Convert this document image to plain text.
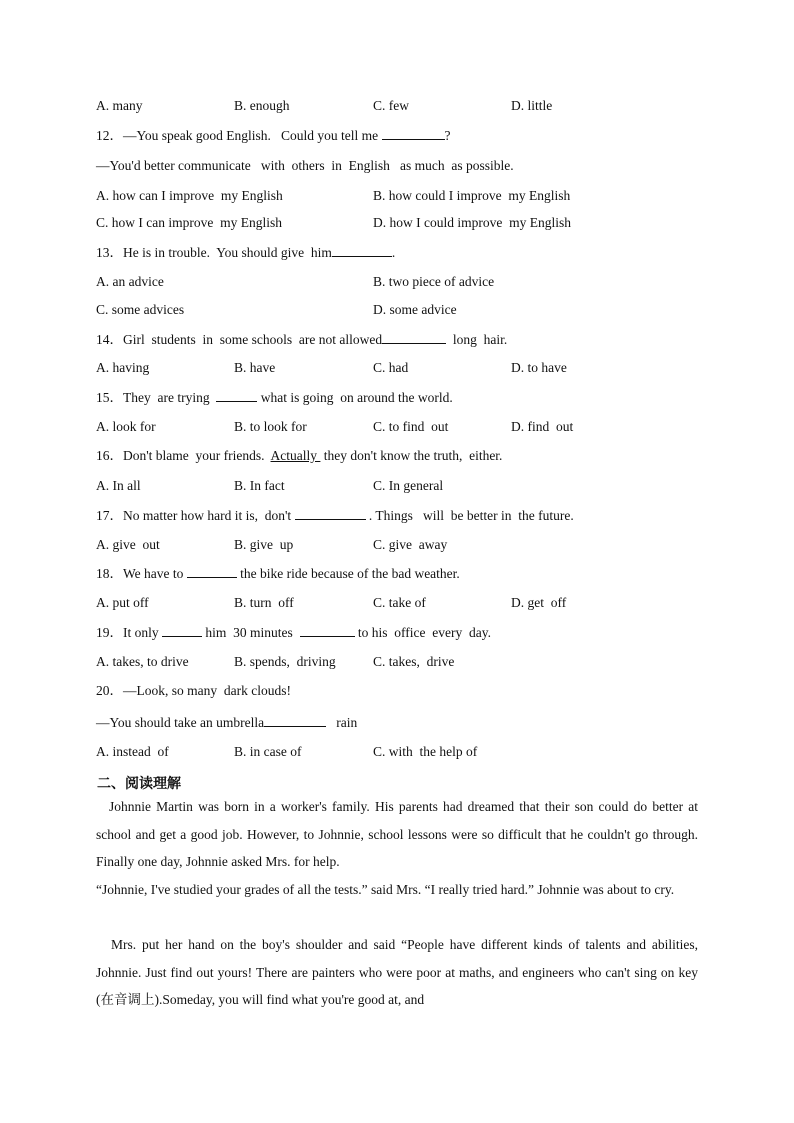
A. many	B. enough	C. few	D. little
12．—You speak good English.   Could you tell me	?
—You'd better communicate   with  others  in  English   as much  as possible.
A. how can I improve  my English	B. how could I improve  my English
C. how I can improve  my English	D. how I could improve  my English
13．He is in trouble.  You should give  him	.
A. an advice	B. two piece of advice
C. some advices	D. some advice
14．Girl  students  in  some schools  are not allowed	long  hair.
A. having	B. have	C. had	D. to have
15．They  are trying	what is going  on around the world.
A. look for	B. to look for	C. to find  out	D. find  out
16．Don't blame  your friends.  Actually  they don't know the truth,  either.
A. In all	B. In fact	C. In general
17．No matter how hard it is,  don't	. Things   will  be better in  the future.
A. give  out	B. give  up	C. give  away
18．We have to	the bike ride because of the bad weather.
A. put off	B. turn  off	C. take of	D. get  off
19．It only	him  30 minutes	to his  office  every  day.
A. takes, to drive	B. spends,  driving	C. takes,  drive
20．—Look, so many  dark clouds!
—You should take an umbrella	rain
A. instead  of	B. in case of	C. with  the help of
二、阅读理解
Johnnie Martin was born in a worker's family. His parents had dreamed that their son could do better at school and get a good job. However, to Johnnie, school lessons were so difficult that he couldn't go through. Finally one day, Johnnie asked Mrs. for help.
“Johnnie, I've studied your grades of all the tests.” said Mrs. “I really tried hard.” Johnnie was about to cry.
Mrs. put her hand on the boy's shoulder and said “People have different kinds of talents and abilities, Johnnie. Just find out yours! There are painters who were poor at maths, and engineers who can't sing on key (在音调上).Someday, you will find what you're good at, and
